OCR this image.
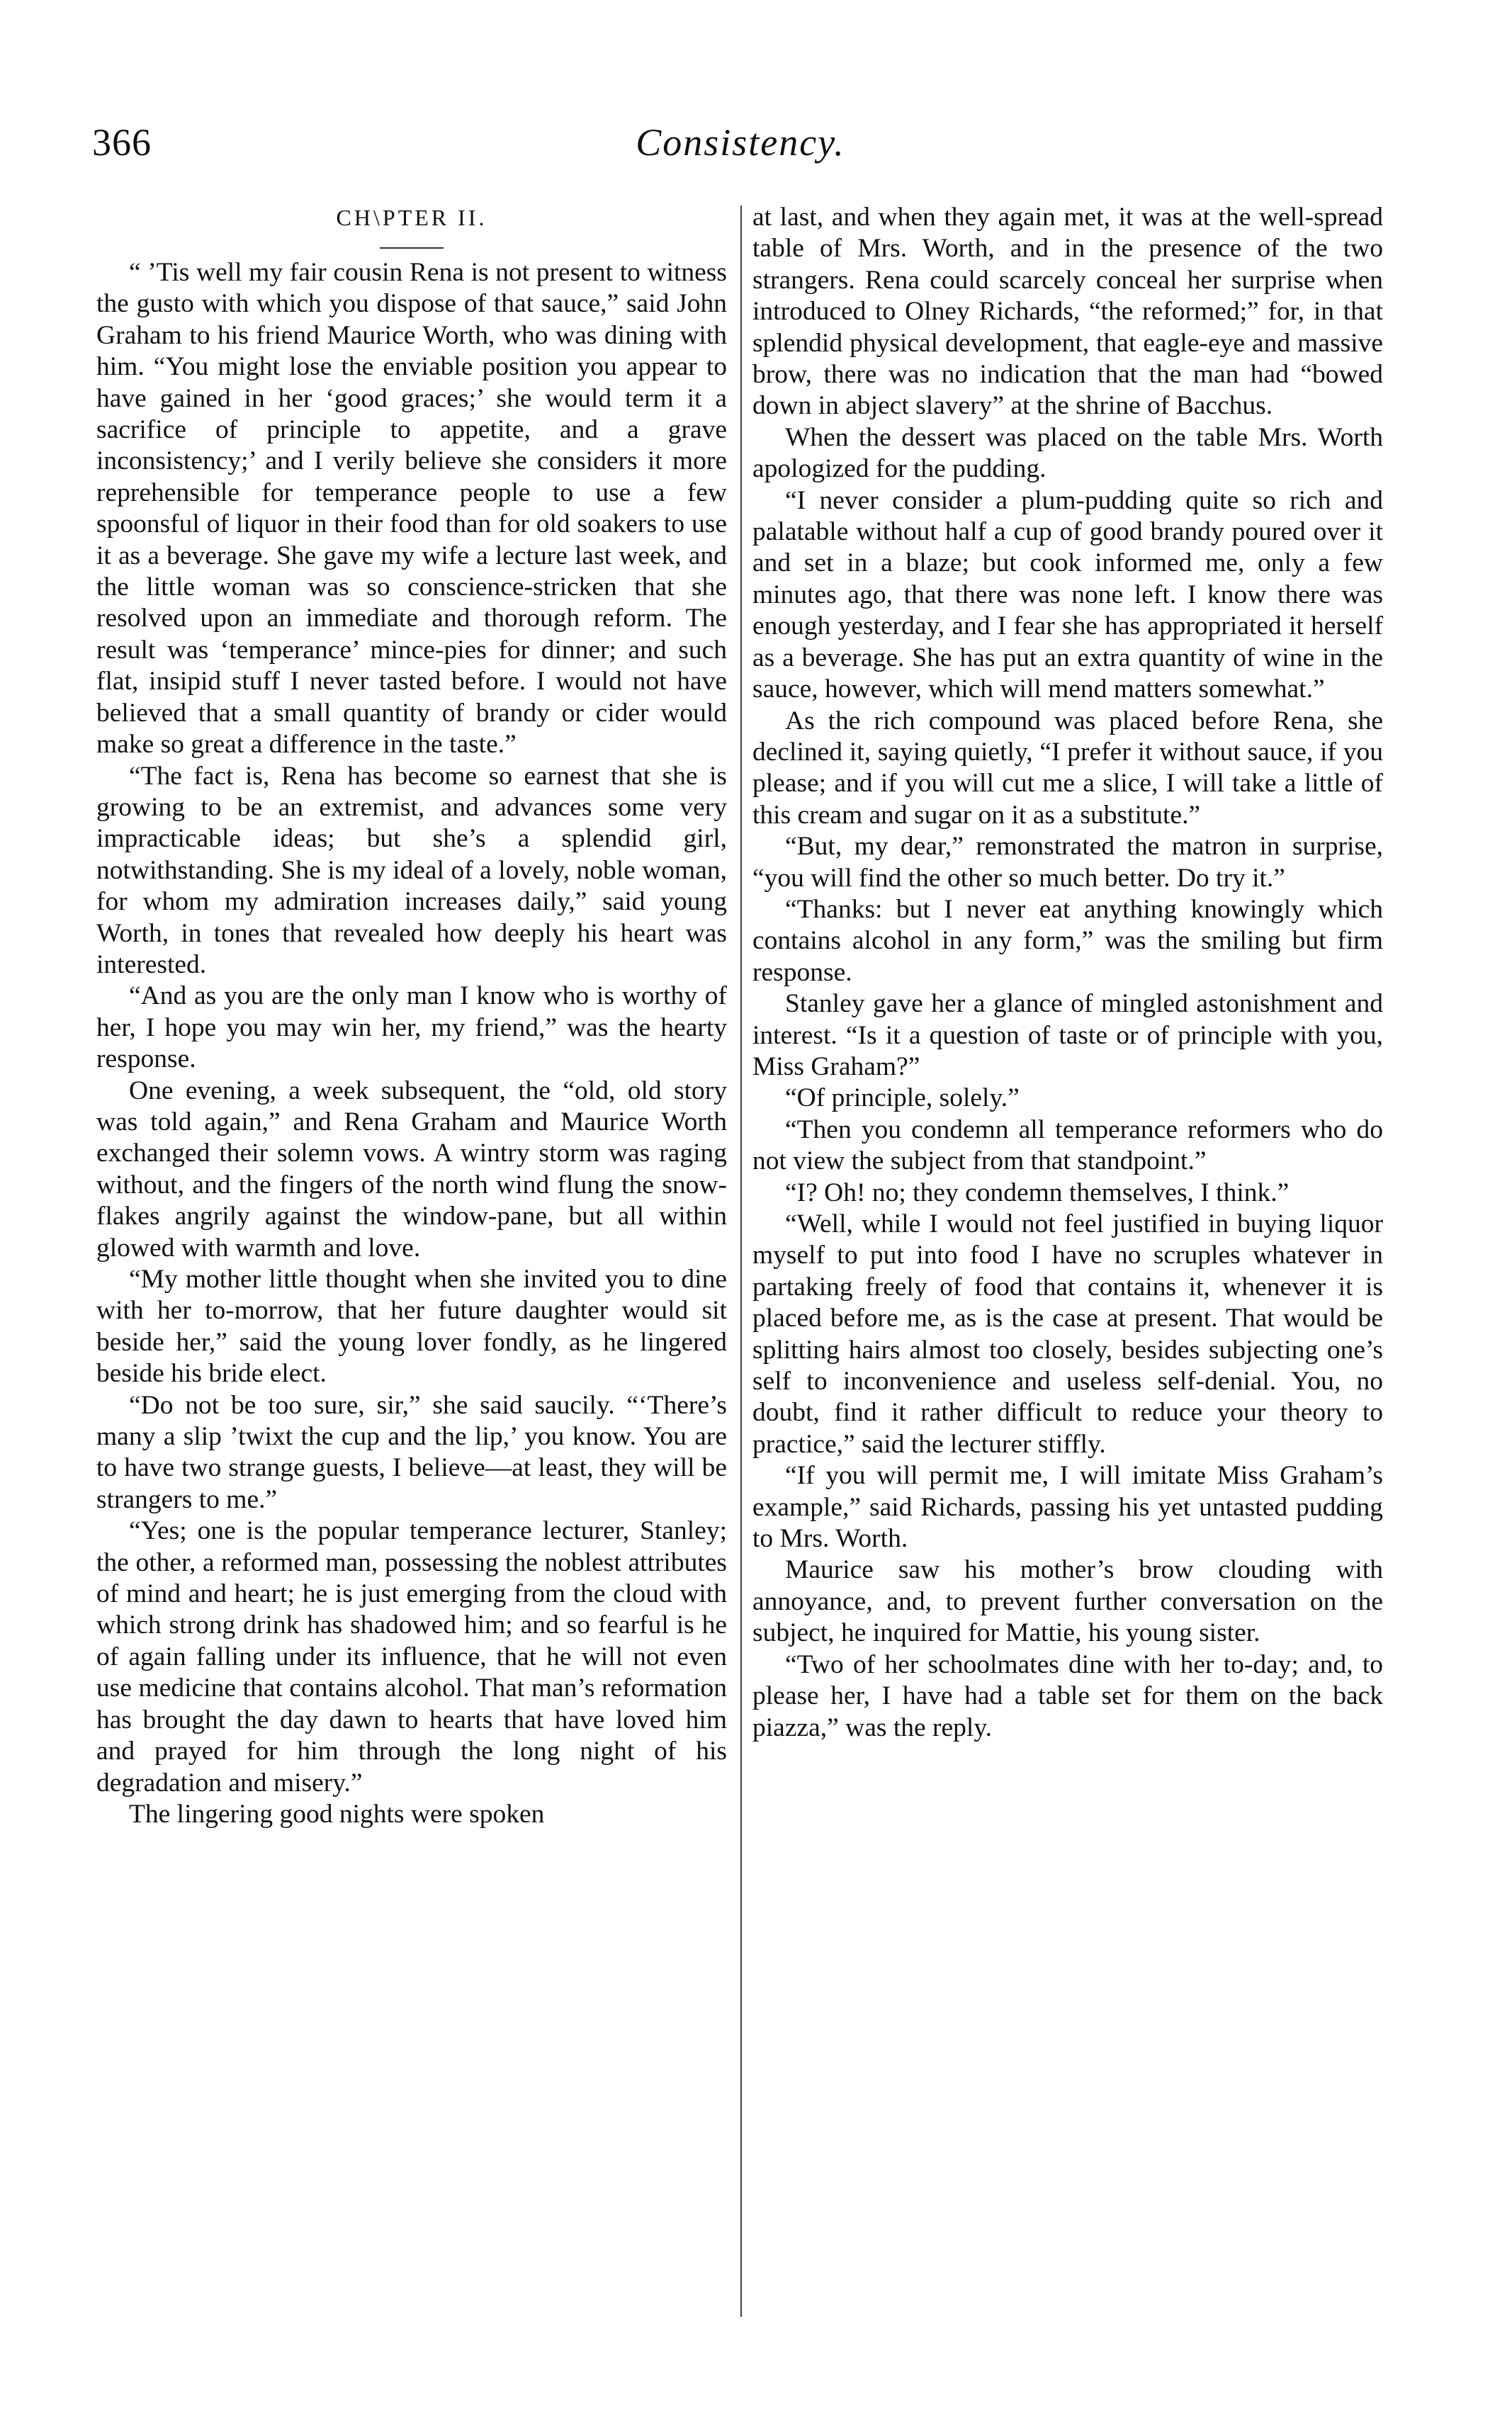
366	Consistency.
CH\PTER II.

“ ’Tis well my fair cousin Rena is not present to witness the gusto with which you dispose of that sauce,” said John Graham to his friend Maurice Worth, who was dining with him. “You might lose the enviable position you appear to have gained in her ‘good graces;’ she would term it a sacrifice of principle to appetite, and a grave inconsistency;’ and I verily believe she considers it more reprehensible for temperance people to use a few spoonsful of liquor in their food than for old soakers to use it as a beverage. She gave my wife a lecture last week, and the little woman was so conscience-stricken that she resolved upon an immediate and thorough reform. The result was ‘temperance’ mince-pies for dinner; and such flat, insipid stuff I never tasted before. I would not have believed that a small quantity of brandy or cider would make so great a difference in the taste.”

“The fact is, Rena has become so earnest that she is growing to be an extremist, and advances some very impracticable ideas; but she’s a splendid girl, notwithstanding. She is my ideal of a lovely, noble woman, for whom my admiration increases daily,” said young Worth, in tones that revealed how deeply his heart was interested.

“And as you are the only man I know who is worthy of her, I hope you may win her, my friend,” was the hearty response.

One evening, a week subsequent, the “old, old story was told again,” and Rena Graham and Maurice Worth exchanged their solemn vows. A wintry storm was raging without, and the fingers of the north wind flung the snow-flakes angrily against the window-pane, but all within glowed with warmth and love.

“My mother little thought when she invited you to dine with her to-morrow, that her future daughter would sit beside her,” said the young lover fondly, as he lingered beside his bride elect.

“Do not be too sure, sir,” she said saucily. “‘There’s many a slip ’twixt the cup and the lip,’ you know. You are to have two strange guests, I believe—at least, they will be strangers to me.”

“Yes; one is the popular temperance lecturer, Stanley; the other, a reformed man, possessing the noblest attributes of mind and heart; he is just emerging from the cloud with which strong drink has shadowed him; and so fearful is he of again falling under its influence, that he will not even use medicine that contains alcohol. That man’s reformation has brought the day dawn to hearts that have loved him and prayed for him through the long night of his degradation and misery.”

The lingering good nights were spoken

at last, and when they again met, it was at the well-spread table of Mrs. Worth, and in the presence of the two strangers. Rena could scarcely conceal her surprise when introduced to Olney Richards, “the reformed;” for, in that splendid physical development, that eagle-eye and massive brow, there was no indication that the man had “bowed down in abject slavery” at the shrine of Bacchus.

When the dessert was placed on the table Mrs. Worth apologized for the pudding.

“I never consider a plum-pudding quite so rich and palatable without half a cup of good brandy poured over it and set in a blaze; but cook informed me, only a few minutes ago, that there was none left. I know there was enough yesterday, and I fear she has appropriated it herself as a beverage. She has put an extra quantity of wine in the sauce, however, which will mend matters somewhat.”

As the rich compound was placed before Rena, she declined it, saying quietly, “I prefer it without sauce, if you please; and if you will cut me a slice, I will take a little of this cream and sugar on it as a substitute.”

“But, my dear,” remonstrated the matron in surprise, “you will find the other so much better. Do try it.”

“Thanks: but I never eat anything knowingly which contains alcohol in any form,” was the smiling but firm response.

Stanley gave her a glance of mingled astonishment and interest. “Is it a question of taste or of principle with you, Miss Graham?”

“Of principle, solely.”

“Then you condemn all temperance reformers who do not view the subject from that standpoint.”

“I? Oh! no; they condemn themselves, I think.”

“Well, while I would not feel justified in buying liquor myself to put into food I have no scruples whatever in partaking freely of food that contains it, whenever it is placed before me, as is the case at present. That would be splitting hairs almost too closely, besides subjecting one’s self to inconvenience and useless self-denial. You, no doubt, find it rather difficult to reduce your theory to practice,” said the lecturer stiffly.

“If you will permit me, I will imitate Miss Graham’s example,” said Richards, passing his yet untasted pudding to Mrs. Worth.

Maurice saw his mother’s brow clouding with annoyance, and, to prevent further conversation on the subject, he inquired for Mattie, his young sister.

“Two of her schoolmates dine with her to-day; and, to please her, I have had a table set for them on the back piazza,” was the reply.
